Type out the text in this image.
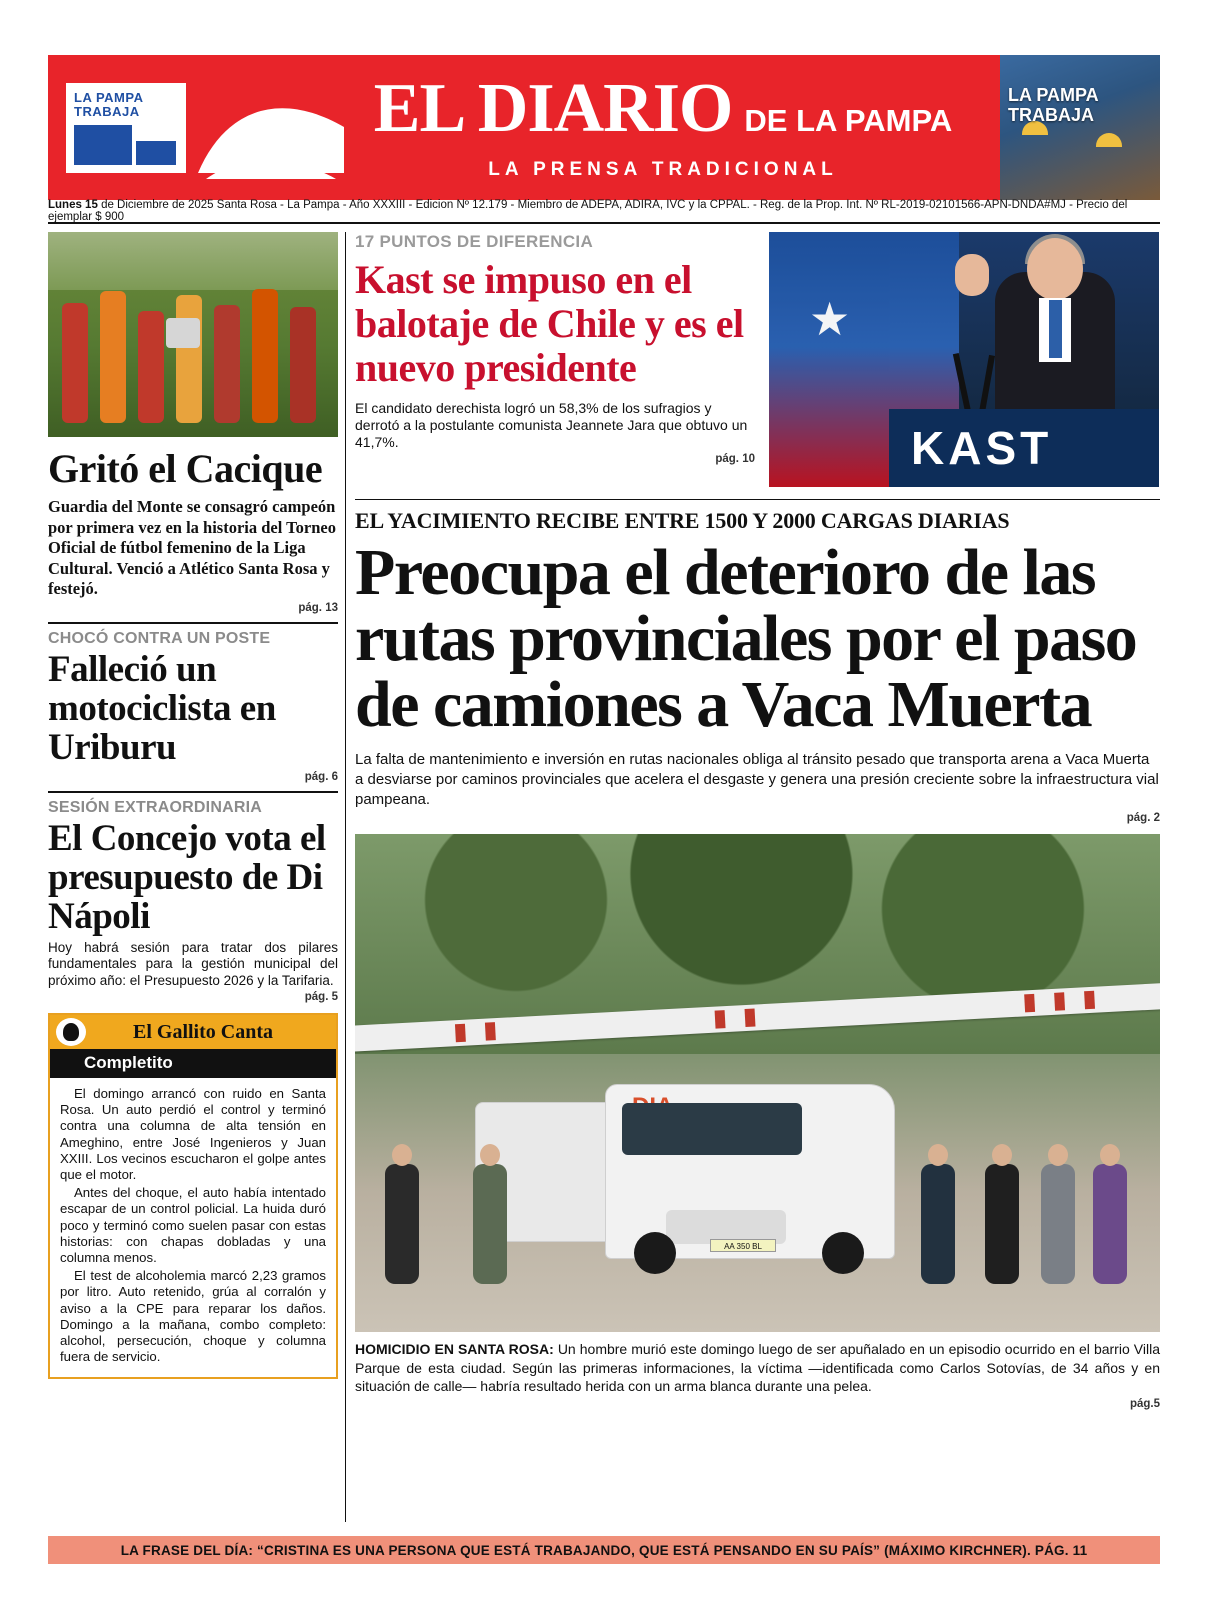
LA PAMPA TRABAJA	EL DIARIO DE LA PAMPA
LA PRENSA TRADICIONAL
LA PAMPA TRABAJA
Lunes 15 de Diciembre de 2025 Santa Rosa - La Pampa - Año XXXIII - Edicion Nº 12.179 - Miembro de ADEPA, ADIRA, IVC y la CPPAL. - Reg. de la Prop. Int. Nº RL-2019-02101566-APN-DNDA#MJ - Precio del ejemplar $ 900
Gritó el Cacique
Guardia del Monte se consagró campeón por primera vez en la historia del Torneo Oficial de fútbol femenino de la Liga Cultural. Venció a Atlético Santa Rosa y festejó.
pág. 13
CHOCÓ CONTRA UN POSTE
Falleció un motociclista en Uriburu
pág. 6
SESIÓN EXTRAORDINARIA
El Concejo vota el presupuesto de Di Nápoli
Hoy habrá sesión para tratar dos pilares fundamentales para la gestión municipal del próximo año: el Presupuesto 2026 y la Tarifaria.
pág. 5
El Gallito Canta
Completito

El domingo arrancó con ruido en Santa Rosa. Un auto perdió el control y terminó contra una columna de alta tensión en Ameghino, entre José Ingenieros y Juan XXIII. Los vecinos escucharon el golpe antes que el motor.

Antes del choque, el auto había intentado escapar de un control policial. La huida duró poco y terminó como suelen pasar con estas historias: con chapas dobladas y una columna menos.

El test de alcoholemia marcó 2,23 gramos por litro. Auto retenido, grúa al corralón y aviso a la CPE para reparar los daños. Domingo a la mañana, combo completo: alcohol, persecución, choque y columna fuera de servicio.

17 PUNTOS DE DIFERENCIA
Kast se impuso en el balotaje de Chile y es el nuevo presidente
El candidato derechista logró un 58,3% de los sufragios y derrotó a la postulante comunista Jeannete Jara que obtuvo un 41,7%.
pág. 10
★
KAST
EL YACIMIENTO RECIBE ENTRE 1500 Y 2000 CARGAS DIARIAS
Preocupa el deterioro de las rutas provinciales por el paso de camiones a Vaca Muerta
La falta de mantenimiento e inversión en rutas nacionales obliga al tránsito pesado que transporta arena a Vaca Muerta a desviarse por caminos provinciales que acelera el desgaste y genera una presión creciente sobre la infraestructura vial pampeana.
pág. 2
AA 350 BL
HOMICIDIO EN SANTA ROSA: Un hombre murió este domingo luego de ser apuñalado en un episodio ocurrido en el barrio Villa Parque de esta ciudad. Según las primeras informaciones, la víctima —identificada como Carlos Sotovías, de 34 años y en situación de calle— habría resultado herida con un arma blanca durante una pelea.
pág.5
LA FRASE DEL DÍA: “CRISTINA ES UNA PERSONA QUE ESTÁ TRABAJANDO, QUE ESTÁ PENSANDO EN SU PAÍS” (MÁXIMO KIRCHNER). PÁG. 11
